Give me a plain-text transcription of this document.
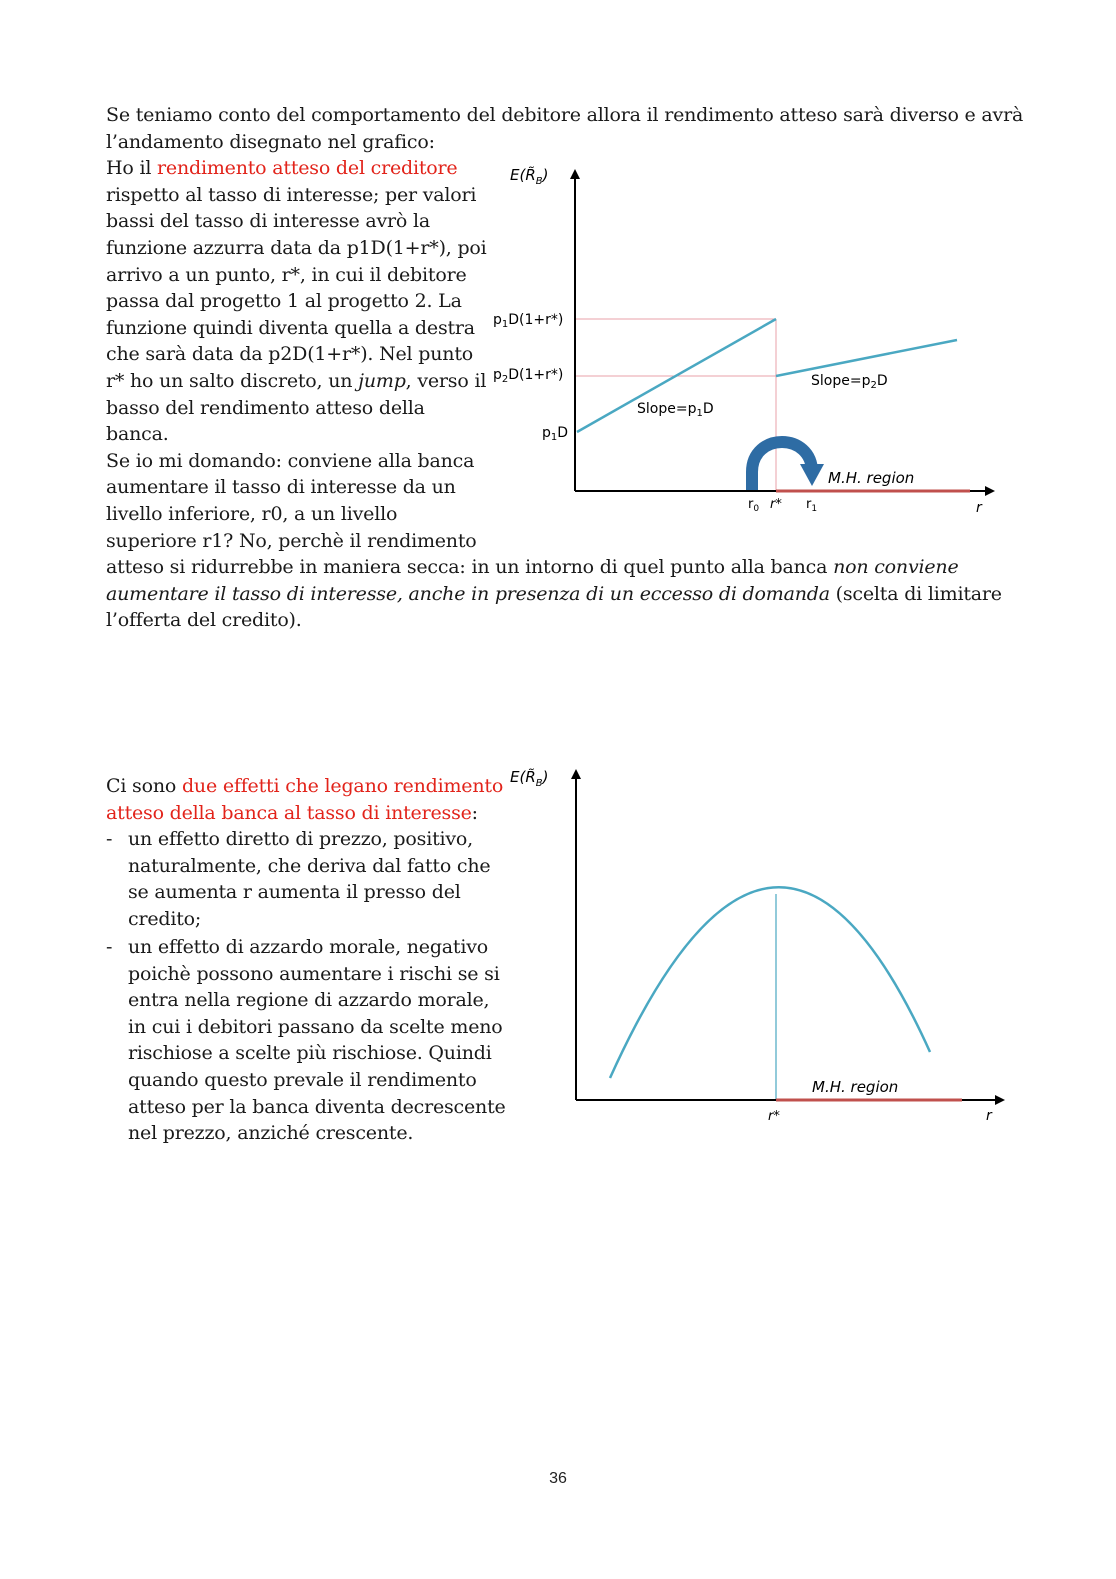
Se teniamo conto del comportamento del debitore allora il rendimento atteso sarà diverso e avrà
l’andamento disegnato nel grafico:
Ho il rendimento atteso del creditore
rispetto al tasso di interesse; per valori
bassi del tasso di interesse avrò la
funzione azzurra data da p1D(1+r*), poi
arrivo a un punto, r*, in cui il debitore
passa dal progetto 1 al progetto 2. La
funzione quindi diventa quella a destra
che sarà data da p2D(1+r*). Nel punto
r* ho un salto discreto, un jump, verso il
basso del rendimento atteso della
banca.
Se io mi domando: conviene alla banca
aumentare il tasso di interesse da un
livello inferiore, r0, a un livello
superiore r1? No, perchè il rendimento
atteso si ridurrebbe in maniera secca: in un intorno di quel punto alla banca non conviene
aumentare il tasso di interesse, anche in presenza di un eccesso di domanda (scelta di limitare
l’offerta del credito).
$E(R̃_B)$
$p_1D(1+r*)$
$p_2D(1+r*)$
$p_1D$
$Slope=p_1D$
$Slope=p_2D$
M.H. region
$r_0$ r* $r_1$	r
Ci sono due effetti che legano rendimento
atteso della banca al tasso di interesse:
- un effetto diretto di prezzo, positivo,
naturalmente, che deriva dal fatto che
se aumenta r aumenta il presso del
credito;
- un effetto di azzardo morale, negativo
poichè possono aumentare i rischi se si
entra nella regione di azzardo morale,
in cui i debitori passano da scelte meno
rischiose a scelte più rischiose. Quindi
quando questo prevale il rendimento
atteso per la banca diventa decrescente
nel prezzo, anziché crescente.
$E(R̃_B)$
M.H. region
r*	r
36
